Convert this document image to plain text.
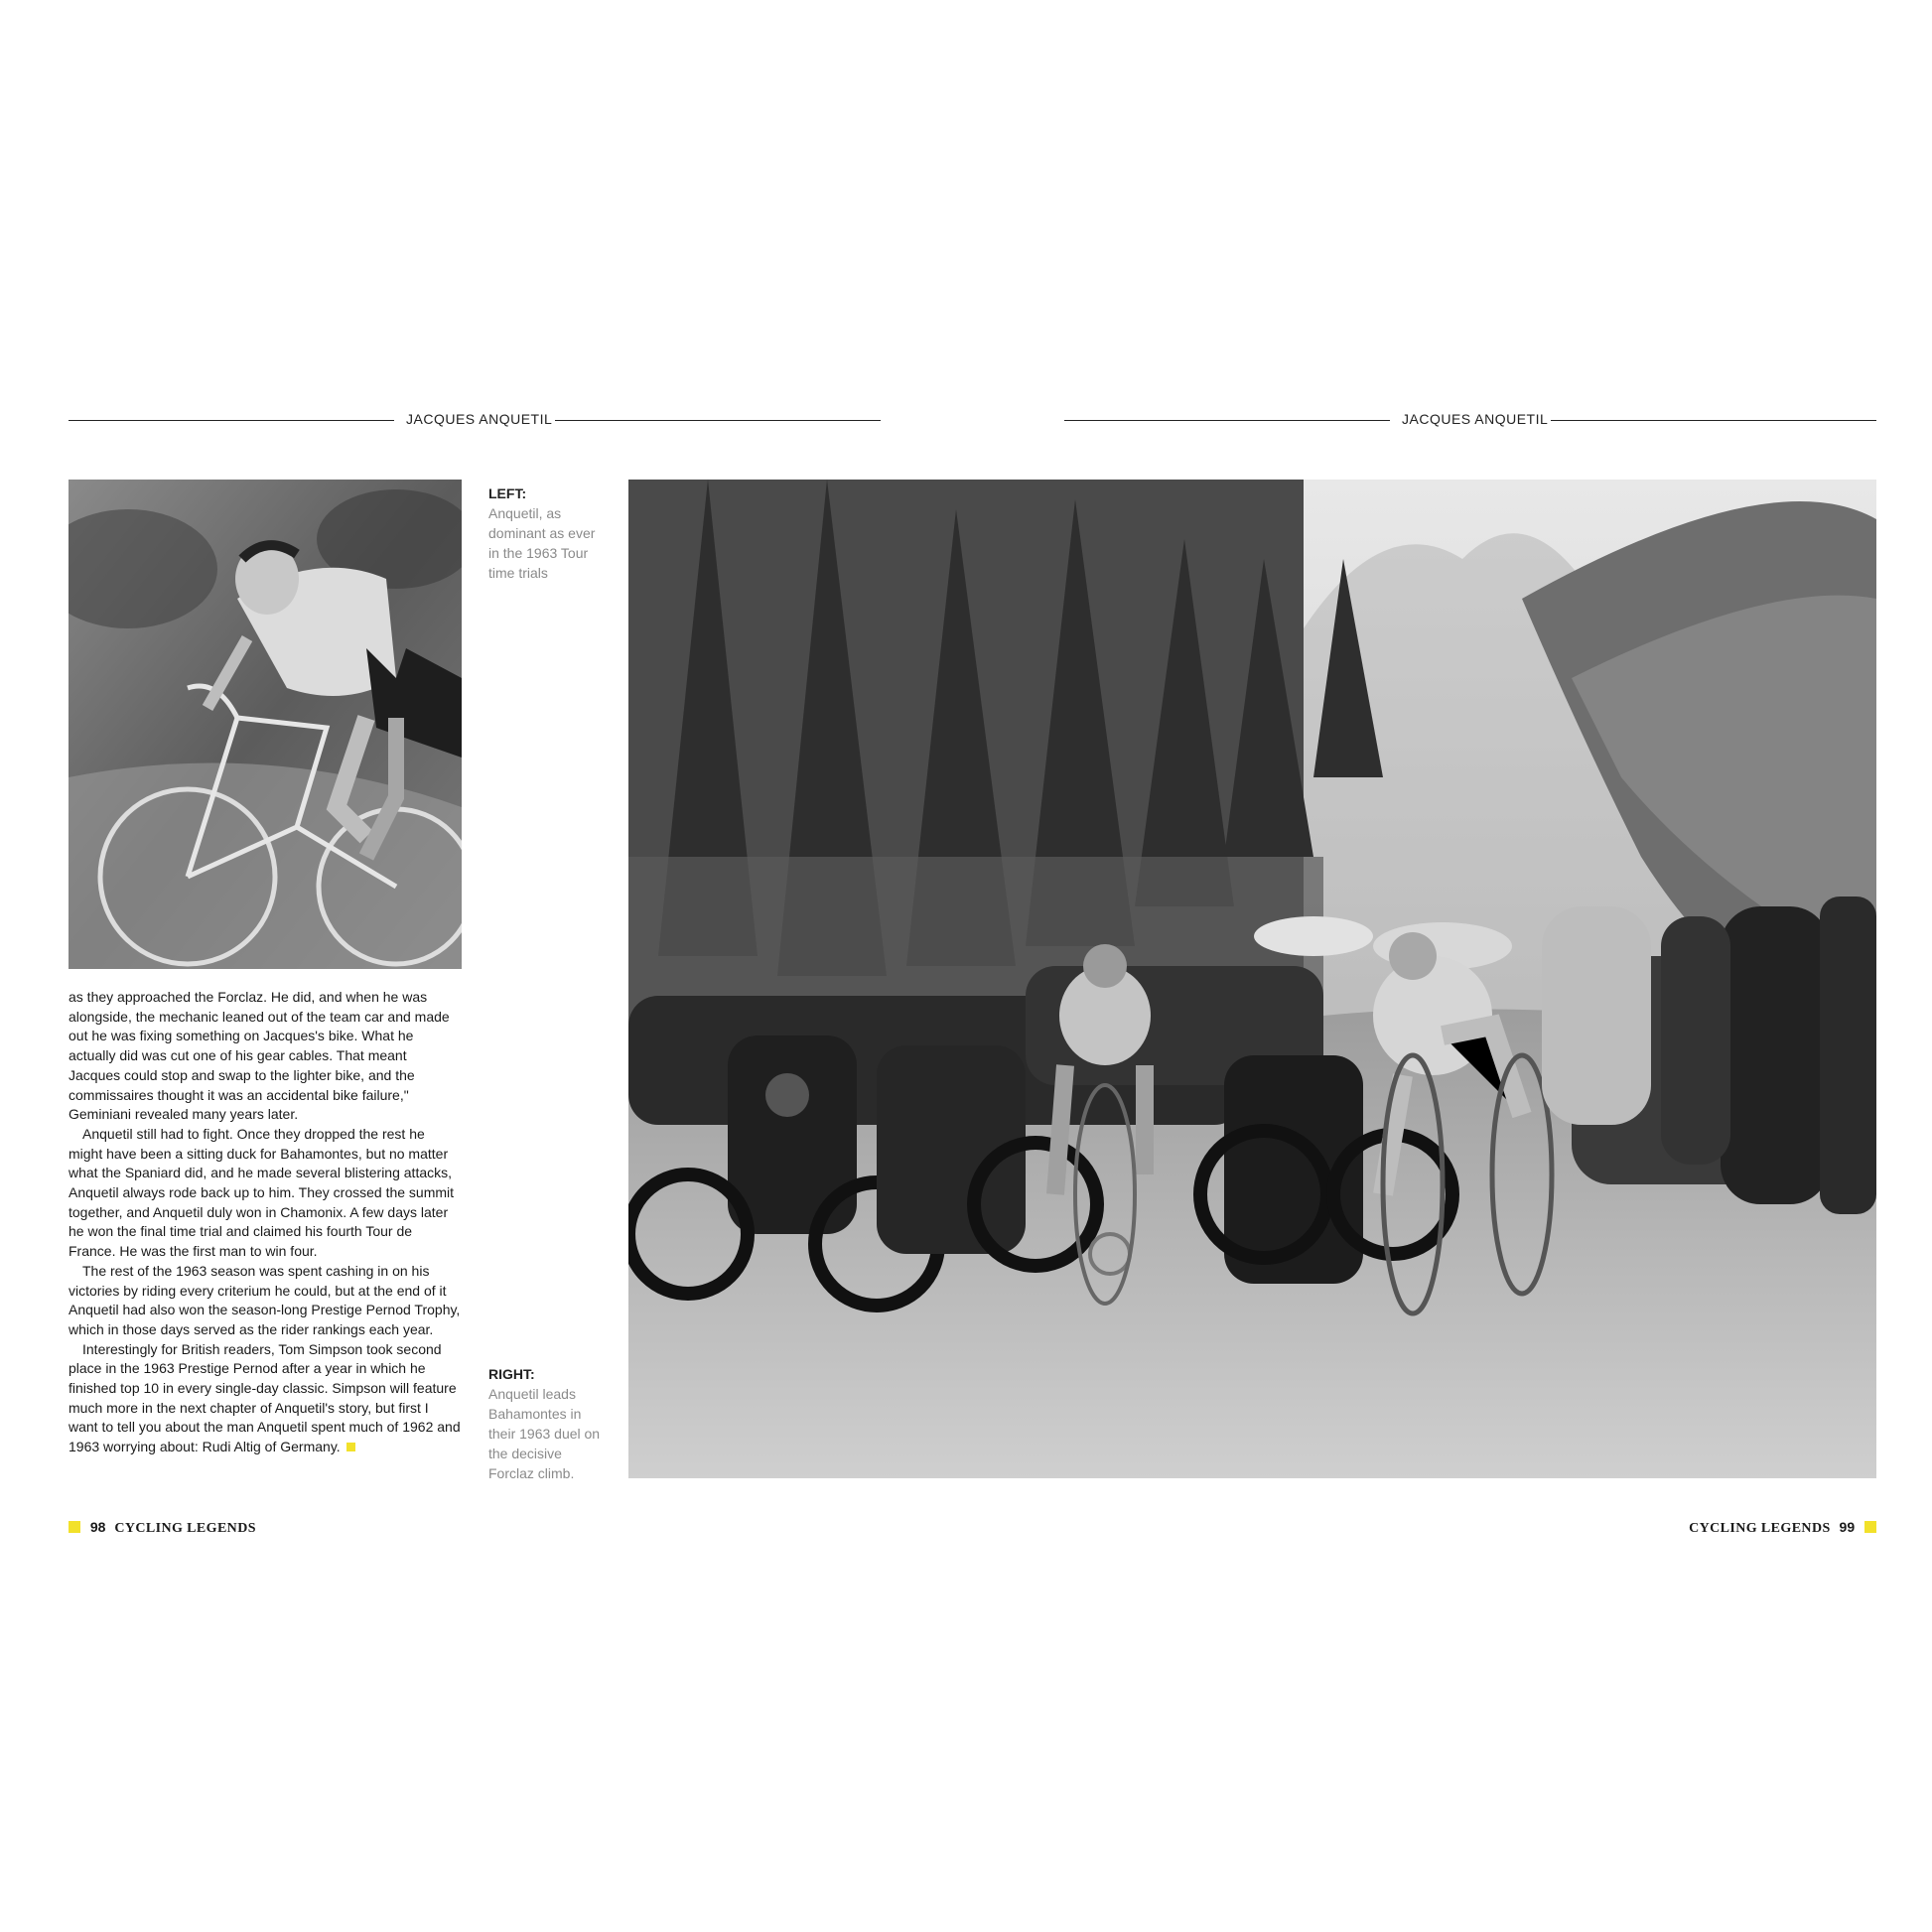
JACQUES ANQUETIL	JACQUES ANQUETIL
LEFT:
Anquetil, as dominant as ever in the 1963 Tour time trials
RIGHT:
Anquetil leads Bahamontes in their 1963 duel on the decisive Forclaz climb.

as they approached the Forclaz. He did, and when he was alongside, the mechanic leaned out of the team car and made out he was fixing something on Jacques's bike. What he actually did was cut one of his gear cables. That meant Jacques could stop and swap to the lighter bike, and the commissaires thought it was an accidental bike failure," Geminiani revealed many years later.

Anquetil still had to fight. Once they dropped the rest he might have been a sitting duck for Bahamontes, but no matter what the Spaniard did, and he made several blistering attacks, Anquetil always rode back up to him. They crossed the summit together, and Anquetil duly won in Chamonix. A few days later he won the final time trial and claimed his fourth Tour de France. He was the first man to win four.

The rest of the 1963 season was spent cashing in on his victories by riding every criterium he could, but at the end of it Anquetil had also won the season-long Prestige Pernod Trophy, which in those days served as the rider rankings each year.

Interestingly for British readers, Tom Simpson took second place in the 1963 Prestige Pernod after a year in which he finished top 10 in every single-day classic. Simpson will feature much more in the next chapter of Anquetil's story, but first I want to tell you about the man Anquetil spent much of 1962 and 1963 worrying about: Rudi Altig of Germany.

98 CYCLING LEGENDS	CYCLING LEGENDS 99
